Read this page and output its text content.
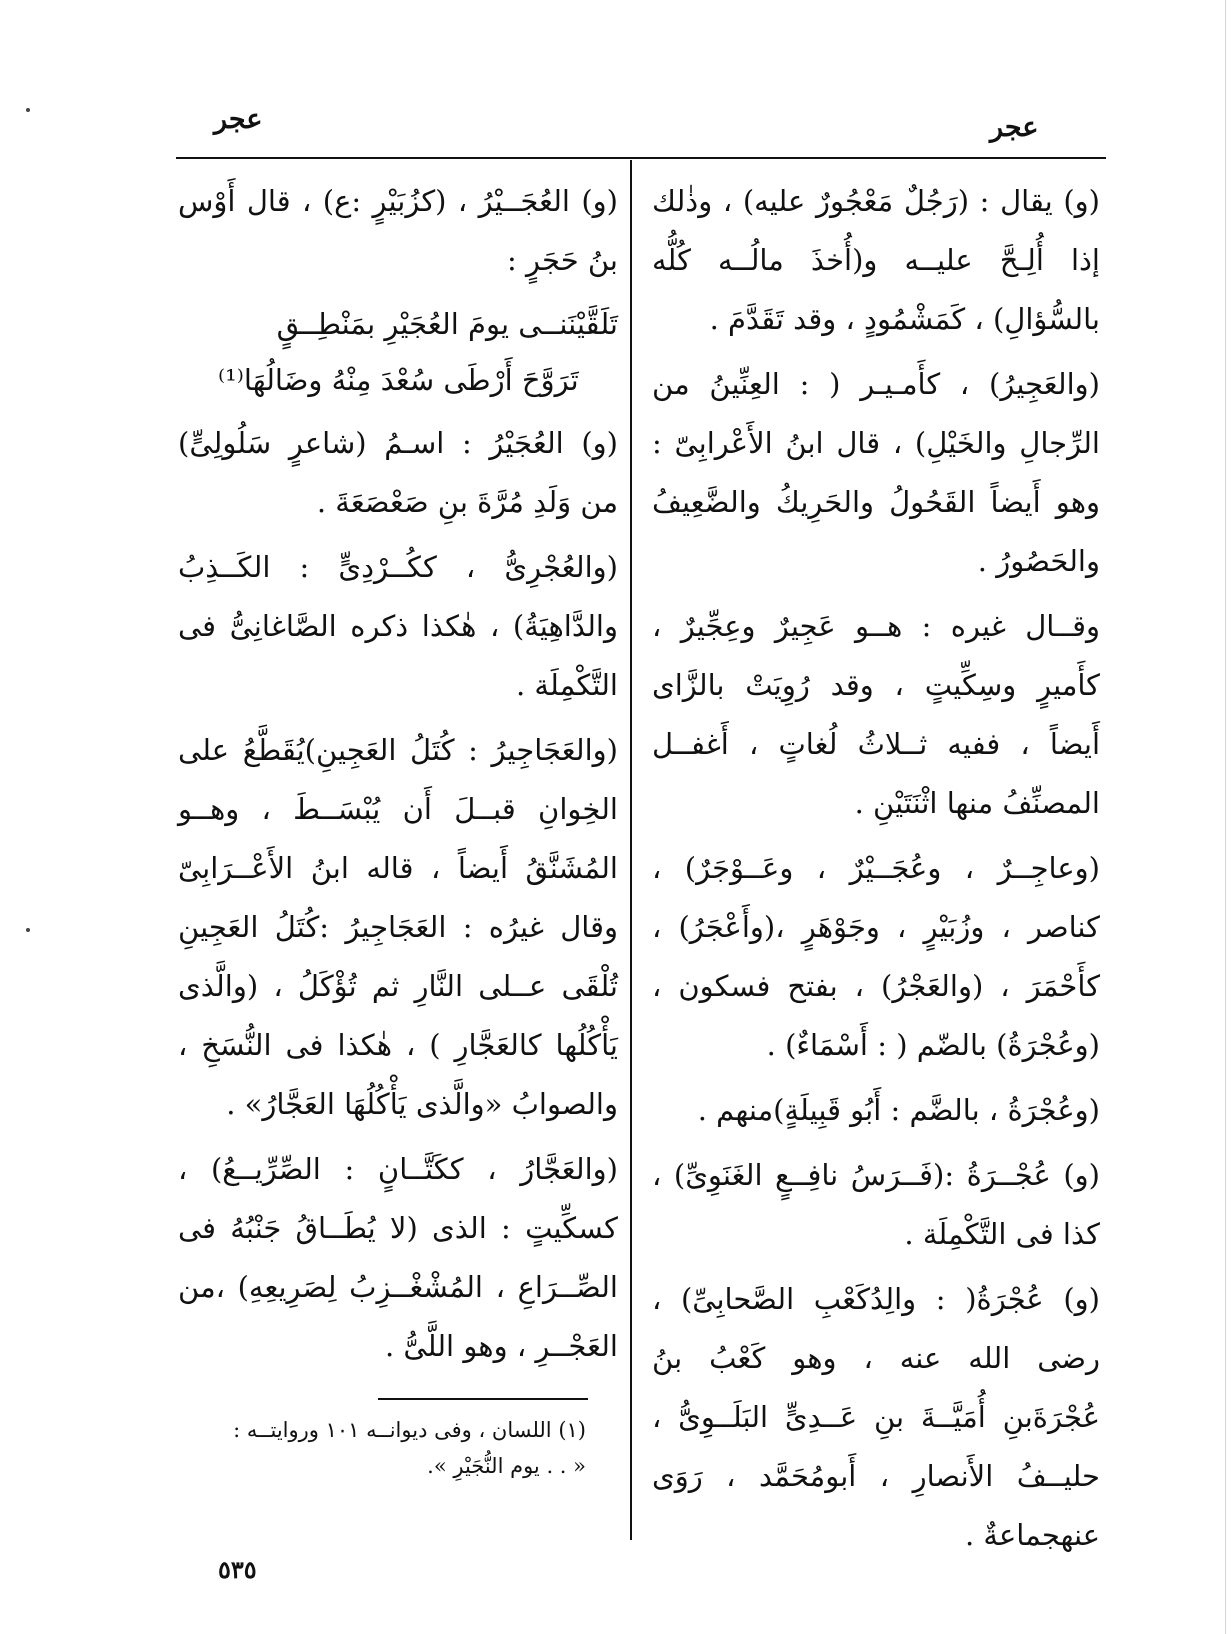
عجر	عجر

(و) يقال : (رَجُلٌ مَعْجُورٌ عليه) ، وذٰلك إذا أُلِـحَّ عليــه و(أُخذَ مالُــه كُلُّه بالسُّؤالِ) ، كَمَشْمُودٍ ، وقد تَقَدَّمَ .

(والعَجِيرُ) ، كأَمـيـر ( : العِنِّينُ من الرِّجالِ والخَيْلِ) ، قال ابنُ الأَعْرابِىّ : وهو أَيضاً القَحُولُ والحَرِيكُ والضَّعِيفُ والحَصُورُ .

وقــال غيره : هــو عَجِيرٌ وعِجِّيرٌ ، كأَميرٍ وسِكِّيتٍ ، وقد رُوِيَتْ بالزَّاى أَيضاً ، ففيه ثــلاثُ لُغاتٍ ، أَغفــل المصنِّفُ منها اثْنَتَيْنِ .

(وعاجِــرٌ ، وعُجَــيْرٌ ، وعَــوْجَرٌ) ، كناصر ، وزُبَيْرٍ ، وجَوْهَرٍ ،(وأَعْجَرُ) ، كأَحْمَرَ ، (والعَجْرُ) ، بفتح فسكون ، (وعُجْرَةُ) بالضّم ( : أَسْمَاءٌ) .

(وعُجْرَةُ ، بالضَّم : أَبُو قَبِيلَةٍ)منهم .

(و) عُجْــرَةُ :(فَــرَسُ نافِــعٍ الغَنَوِىِّ) ، كذا فى التَّكْمِلَة .

(و) عُجْرَةُ( : والِدُكَعْبِ الصَّحابِىِّ) ، رضى الله عنه ، وهو كَعْبُ بنُ عُجْرَةَبنِ أُمَيَّــةَ بنِ عَــدِىٍّ البَلَــوِىُّ ، حليــفُ الأَنصارِ ، أَبومُحَمَّد ، رَوَى عنهجماعةٌ .

(و) العُجَــيْرُ ، (كزُبَيْرٍ :ع) ، قال أَوْس بنُ حَجَرٍ :

تَلَقَّيْنَنــى يومَ العُجَيْرِ بمَنْطِــقٍ
تَرَوَّحَ أَرْطَى سُعْدَ مِنْهُ وضَالُهَا⁽¹⁾

(و) العُجَيْرُ : اسـمُ (شاعرٍ سَلُولِىٍّ) من وَلَدِ مُرَّةَ بنِ صَعْصَعَةَ .

(والعُجْرِىُّ ، ككُــرْدِىٍّ : الكَــذِبُ والدَّاهِيَةُ) ، هٰكذا ذكره الصَّاغانِىُّ فى التَّكْمِلَة .

(والعَجَاجِيرُ : كُتَلُ العَجِينِ)يُقَطَّعُ على الخِوانِ قبــلَ أَن يُبْسَــطَ ، وهــو المُشَنَّقُ أَيضاً ، قاله ابنُ الأَعْــرَابِىّ وقال غيرُه : العَجَاجِيرُ :كُتَلُ العَجِينِ تُلْقَى عــلى النَّارِ ثم تُؤْكَلُ ، (والَّذى يَأْكُلُها كالعَجَّارِ ) ، هٰكذا فى النُّسَخِ ، والصوابُ «والَّذى يَأْكُلُهَا العَجَّارُ» .

(والعَجَّارُ ، ككَتَّــانٍ : الصِّرِّيــعُ) ، كسكِّيتٍ : الذى (لا يُطَــاقُ جَنْبُهُ فى الصِّــرَاعِ ، المُشْغْــزِبُ لِصَرِيعِهِ) ،من العَجْــرِ ، وهو اللَّىُّ .

(١) اللسان ، وفى ديوانــه ١٠١ وروايتــه :
« . . يوم النُّجَيْرِ ».
٥٣٥
